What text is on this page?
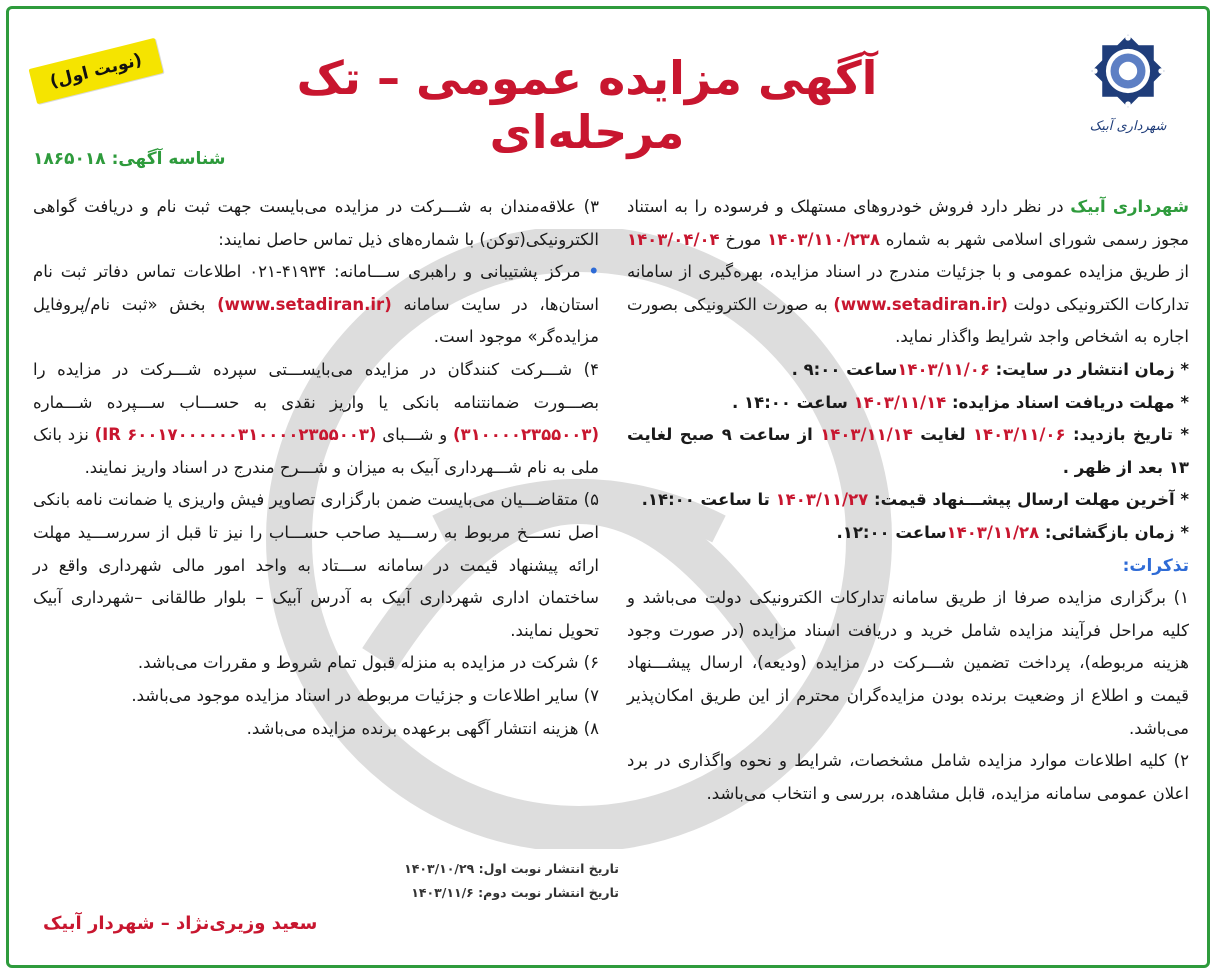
شهرداری آبیک
آگهی مزایده عمومی – تک مرحله‌ای
(نوبت اول)
شناسه آگهی: ۱۸۶۵۰۱۸

شهرداری آبیک در نظر دارد فروش خودروهای مستهلک و فرسوده را به استناد مجوز رسمی شورای اسلامی شهر به شماره ۱۴۰۳/۱۱۰/۲۳۸ مورخ ۱۴۰۳/۰۴/۰۴ از طریق مزایده عمومی و با جزئیات مندرج در اسناد مزایده، بهره‌گیری از سامانه تدارکات الکترونیکی دولت (www.setadiran.ir) به صورت الکترونیکی بصورت اجاره به اشخاص واجد شرایط واگذار نماید.

* زمان انتشار در سایت: ۱۴۰۳/۱۱/۰۶ساعت ۹:۰۰ .

* مهلت دریافت اسناد مزایده: ۱۴۰۳/۱۱/۱۴ ساعت ۱۴:۰۰ .

* تاریخ بازدید: ۱۴۰۳/۱۱/۰۶ لغایت ۱۴۰۳/۱۱/۱۴ از ساعت ۹ صبح لغایت ۱۳ بعد از ظهر .

* آخرین مهلت ارسال پیشـــنهاد قیمت: ۱۴۰۳/۱۱/۲۷ تا ساعت ۱۴:۰۰.

* زمان بازگشائی: ۱۴۰۳/۱۱/۲۸ساعت ۱۲:۰۰.

تذکرات:

۱) برگزاری مزایده صرفا از طریق سامانه تدارکات الکترونیکی دولت می‌باشد و کلیه مراحل فرآیند مزایده شامل خرید و دریافت اسناد مزایده (در صورت وجود هزینه مربوطه)، پرداخت تضمین شـــرکت در مزایده (ودیعه)، ارسال پیشـــنهاد قیمت و اطلاع از وضعیت برنده بودن مزایده‌گران محترم از این طریق امکان‌پذیر می‌باشد.

۲) کلیه اطلاعات موارد مزایده شامل مشخصات، شرایط و نحوه واگذاری در برد اعلان عمومی سامانه مزایده، قابل مشاهده، بررسی و انتخاب می‌باشد.

۳) علاقه‌مندان به شـــرکت در مزایده می‌بایست جهت ثبت نام و دریافت گواهی الکترونیکی(توکن) با شماره‌های ذیل تماس حاصل نمایند:

• مرکز پشتیبانی و راهبری ســـامانه: ۴۱۹۳۴-۰۲۱ اطلاعات تماس دفاتر ثبت نام استان‌ها، در سایت سامانه (www.setadiran.ir) بخش «ثبت نام/پروفایل مزایده‌گر» موجود است.

۴) شـــرکت کنندگان در مزایده می‌بایســـتی سپرده شـــرکت در مزایده را بصـــورت ضمانتنامه بانکی یا واریز نقدی به حســـاب ســـپرده شـــماره (۳۱۰۰۰۰۲۳۵۵۰۰۳) و شـــبای (IR ۶۰۰۱۷۰۰۰۰۰۰۳۱۰۰۰۰۲۳۵۵۰۰۳) نزد بانک ملی به نام شـــهرداری آبیک به میزان و شـــرح مندرج در اسناد واریز نمایند.

۵) متقاضـــیان می‌بایست ضمن بارگزاری تصاویر فیش واریزی یا ضمانت نامه بانکی اصل نســـخ مربوط به رســـید صاحب حســـاب را نیز تا قبل از سررســـید مهلت ارائه پیشنهاد قیمت در سامانه ســـتاد به واحد امور مالی شهرداری واقع در ساختمان اداری شهرداری آبیک به آدرس آبیک – بلوار طالقانی –شهرداری آبیک تحویل نمایند.

۶) شرکت در مزایده به منزله قبول تمام شروط و مقررات می‌باشد.

۷) سایر اطلاعات و جزئیات مربوطه در اسناد مزایده موجود می‌باشد.

۸) هزینه انتشار آگهی برعهده برنده مزایده می‌باشد.

تاریخ انتشار نوبت اول: ۱۴۰۳/۱۰/۲۹
تاریخ انتشار نوبت دوم: ۱۴۰۳/۱۱/۶
سعید وزیری‌نژاد – شهردار آبیک
